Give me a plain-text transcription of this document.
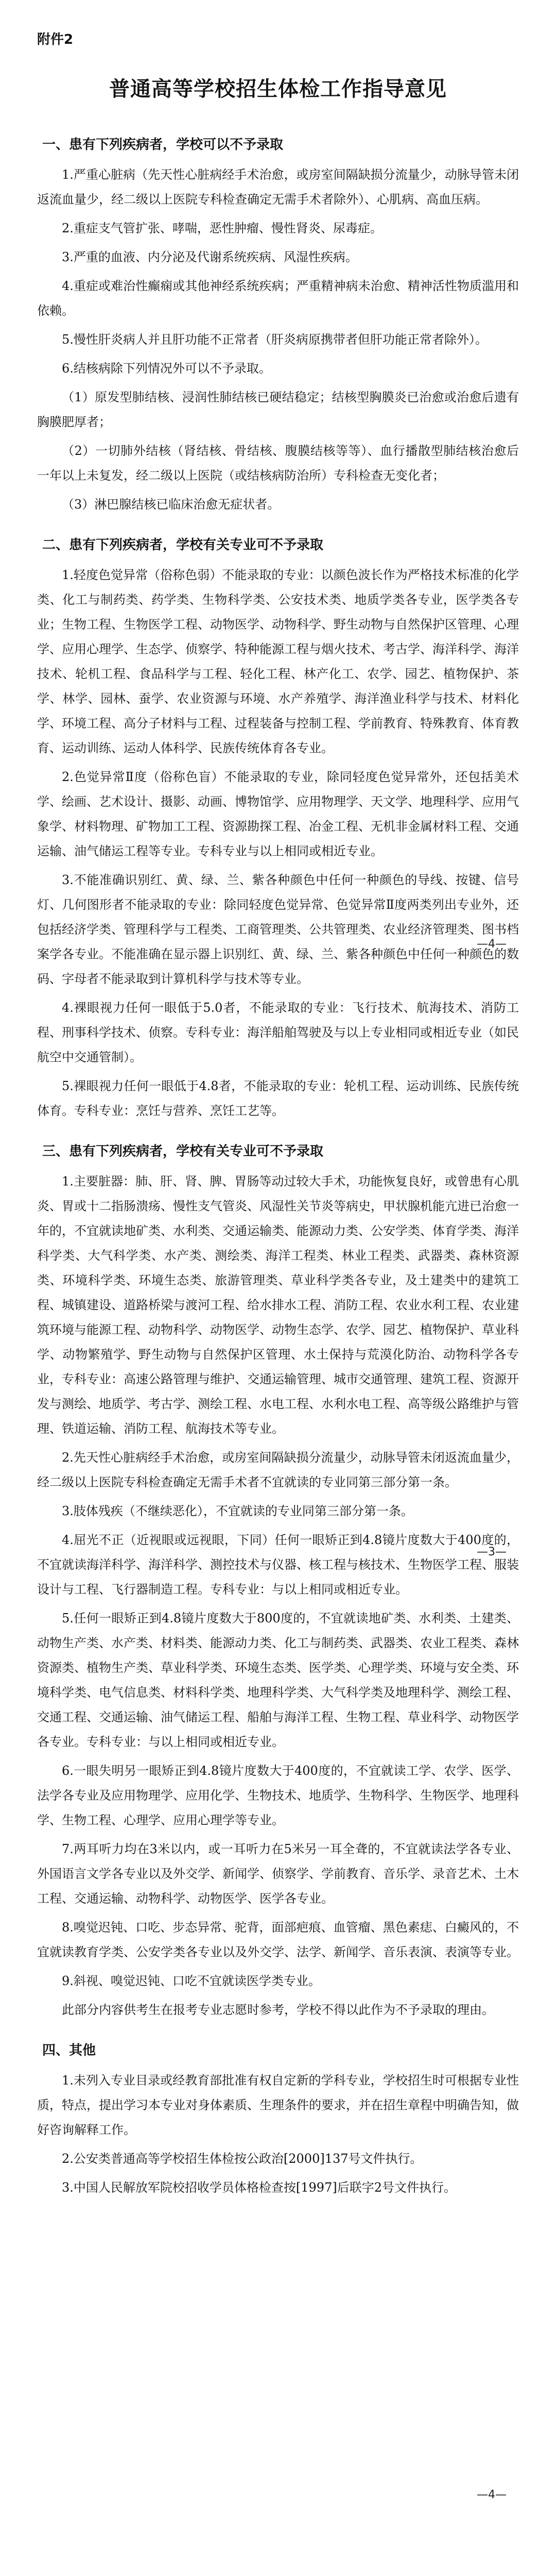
附件2
普通高等学校招生体检工作指导意见
一、患有下列疾病者，学校可以不予录取

1.严重心脏病（先天性心脏病经手术治愈，或房室间隔缺损分流量少，动脉导管未闭返流血量少，经二级以上医院专科检查确定无需手术者除外）、心肌病、高血压病。

2.重症支气管扩张、哮喘，恶性肿瘤、慢性肾炎、尿毒症。

3.严重的血液、内分泌及代谢系统疾病、风湿性疾病。

4.重症或难治性癫痫或其他神经系统疾病；严重精神病未治愈、精神活性物质滥用和依赖。

5.慢性肝炎病人并且肝功能不正常者（肝炎病原携带者但肝功能正常者除外）。

6.结核病除下列情况外可以不予录取。

（1）原发型肺结核、浸润性肺结核已硬结稳定；结核型胸膜炎已治愈或治愈后遗有胸膜肥厚者；

（2）一切肺外结核（肾结核、骨结核、腹膜结核等等）、血行播散型肺结核治愈后一年以上未复发，经二级以上医院（或结核病防治所）专科检查无变化者；

（3）淋巴腺结核已临床治愈无症状者。

二、患有下列疾病者，学校有关专业可不予录取

1.轻度色觉异常（俗称色弱）不能录取的专业：以颜色波长作为严格技术标准的化学类、化工与制药类、药学类、生物科学类、公安技术类、地质学类各专业，医学类各专业；生物工程、生物医学工程、动物医学、动物科学、野生动物与自然保护区管理、心理学、应用心理学、生态学、侦察学、特种能源工程与烟火技术、考古学、海洋科学、海洋技术、轮机工程、食品科学与工程、轻化工程、林产化工、农学、园艺、植物保护、茶学、林学、园林、蚕学、农业资源与环境、水产养殖学、海洋渔业科学与技术、材料化学、环境工程、高分子材料与工程、过程装备与控制工程、学前教育、特殊教育、体育教育、运动训练、运动人体科学、民族传统体育各专业。

2.色觉异常Ⅱ度（俗称色盲）不能录取的专业，除同轻度色觉异常外，还包括美术学、绘画、艺术设计、摄影、动画、博物馆学、应用物理学、天文学、地理科学、应用气象学、材料物理、矿物加工工程、资源勘探工程、冶金工程、无机非金属材料工程、交通运输、油气储运工程等专业。专科专业与以上相同或相近专业。

3.不能准确识别红、黄、绿、兰、紫各种颜色中任何一种颜色的导线、按键、信号灯、几何图形者不能录取的专业：除同轻度色觉异常、色觉异常Ⅱ度两类列出专业外，还包括经济学类、管理科学与工程类、工商管理类、公共管理类、农业经济管理类、图书档案学各专业。不能准确在显示器上识别红、黄、绿、兰、紫各种颜色中任何一种颜色的数码、字母者不能录取到计算机科学与技术等专业。

4.裸眼视力任何一眼低于5.0者，不能录取的专业：飞行技术、航海技术、消防工程、刑事科学技术、侦察。专科专业：海洋船舶驾驶及与以上专业相同或相近专业（如民航空中交通管制）。

5.裸眼视力任何一眼低于4.8者，不能录取的专业：轮机工程、运动训练、民族传统体育。专科专业：烹饪与营养、烹饪工艺等。

三、患有下列疾病者，学校有关专业可不予录取

1.主要脏器：肺、肝、肾、脾、胃肠等动过较大手术，功能恢复良好，或曾患有心肌炎、胃或十二指肠溃疡、慢性支气管炎、风湿性关节炎等病史，甲状腺机能亢进已治愈一年的，不宜就读地矿类、水利类、交通运输类、能源动力类、公安学类、体育学类、海洋科学类、大气科学类、水产类、测绘类、海洋工程类、林业工程类、武器类、森林资源类、环境科学类、环境生态类、旅游管理类、草业科学类各专业，及土建类中的建筑工程、城镇建设、道路桥梁与渡河工程、给水排水工程、消防工程、农业水利工程、农业建筑环境与能源工程、动物科学、动物医学、动物生态学、农学、园艺、植物保护、草业科学、动物繁殖学、野生动物与自然保护区管理、水土保持与荒漠化防治、动物科学各专业，专科专业：高速公路管理与维护、交通运输管理、城市交通管理、建筑工程、资源开发与测绘、地质学、考古学、测绘工程、水电工程、水利水电工程、高等级公路维护与管理、铁道运输、消防工程、航海技术等专业。

2.先天性心脏病经手术治愈，或房室间隔缺损分流量少，动脉导管未闭返流血量少，经二级以上医院专科检查确定无需手术者不宜就读的专业同第三部分第一条。

3.肢体残疾（不继续恶化），不宜就读的专业同第三部分第一条。

4.屈光不正（近视眼或远视眼，下同）任何一眼矫正到4.8镜片度数大于400度的，不宜就读海洋科学、海洋科学、测控技术与仪器、核工程与核技术、生物医学工程、服装设计与工程、飞行器制造工程。专科专业：与以上相同或相近专业。

5.任何一眼矫正到4.8镜片度数大于800度的，不宜就读地矿类、水利类、土建类、动物生产类、水产类、材料类、能源动力类、化工与制药类、武器类、农业工程类、森林资源类、植物生产类、草业科学类、环境生态类、医学类、心理学类、环境与安全类、环境科学类、电气信息类、材料科学类、地理科学类、大气科学类及地理科学、测绘工程、交通工程、交通运输、油气储运工程、船舶与海洋工程、生物工程、草业科学、动物医学各专业。专科专业：与以上相同或相近专业。

6.一眼失明另一眼矫正到4.8镜片度数大于400度的，不宜就读工学、农学、医学、法学各专业及应用物理学、应用化学、生物技术、地质学、生物科学、生物医学、地理科学、生物工程、心理学、应用心理学等专业。

7.两耳听力均在3米以内，或一耳听力在5米另一耳全聋的，不宜就读法学各专业、外国语言文学各专业以及外交学、新闻学、侦察学、学前教育、音乐学、录音艺术、土木工程、交通运输、动物科学、动物医学、医学各专业。

8.嗅觉迟钝、口吃、步态异常、驼背，面部疤痕、血管瘤、黑色素痣、白癜风的，不宜就读教育学类、公安学类各专业以及外交学、法学、新闻学、音乐表演、表演等专业。

9.斜视、嗅觉迟钝、口吃不宜就读医学类专业。

此部分内容供考生在报考专业志愿时参考，学校不得以此作为不予录取的理由。

四、其他

1.未列入专业目录或经教育部批准有权自定新的学科专业，学校招生时可根据专业性质，特点，提出学习本专业对身体素质、生理条件的要求，并在招生章程中明确告知，做好咨询解释工作。

2.公安类普通高等学校招生体检按公政治[2000]137号文件执行。

3.中国人民解放军院校招收学员体格检查按[1997]后联字2号文件执行。

—4—
—3—
—4—
